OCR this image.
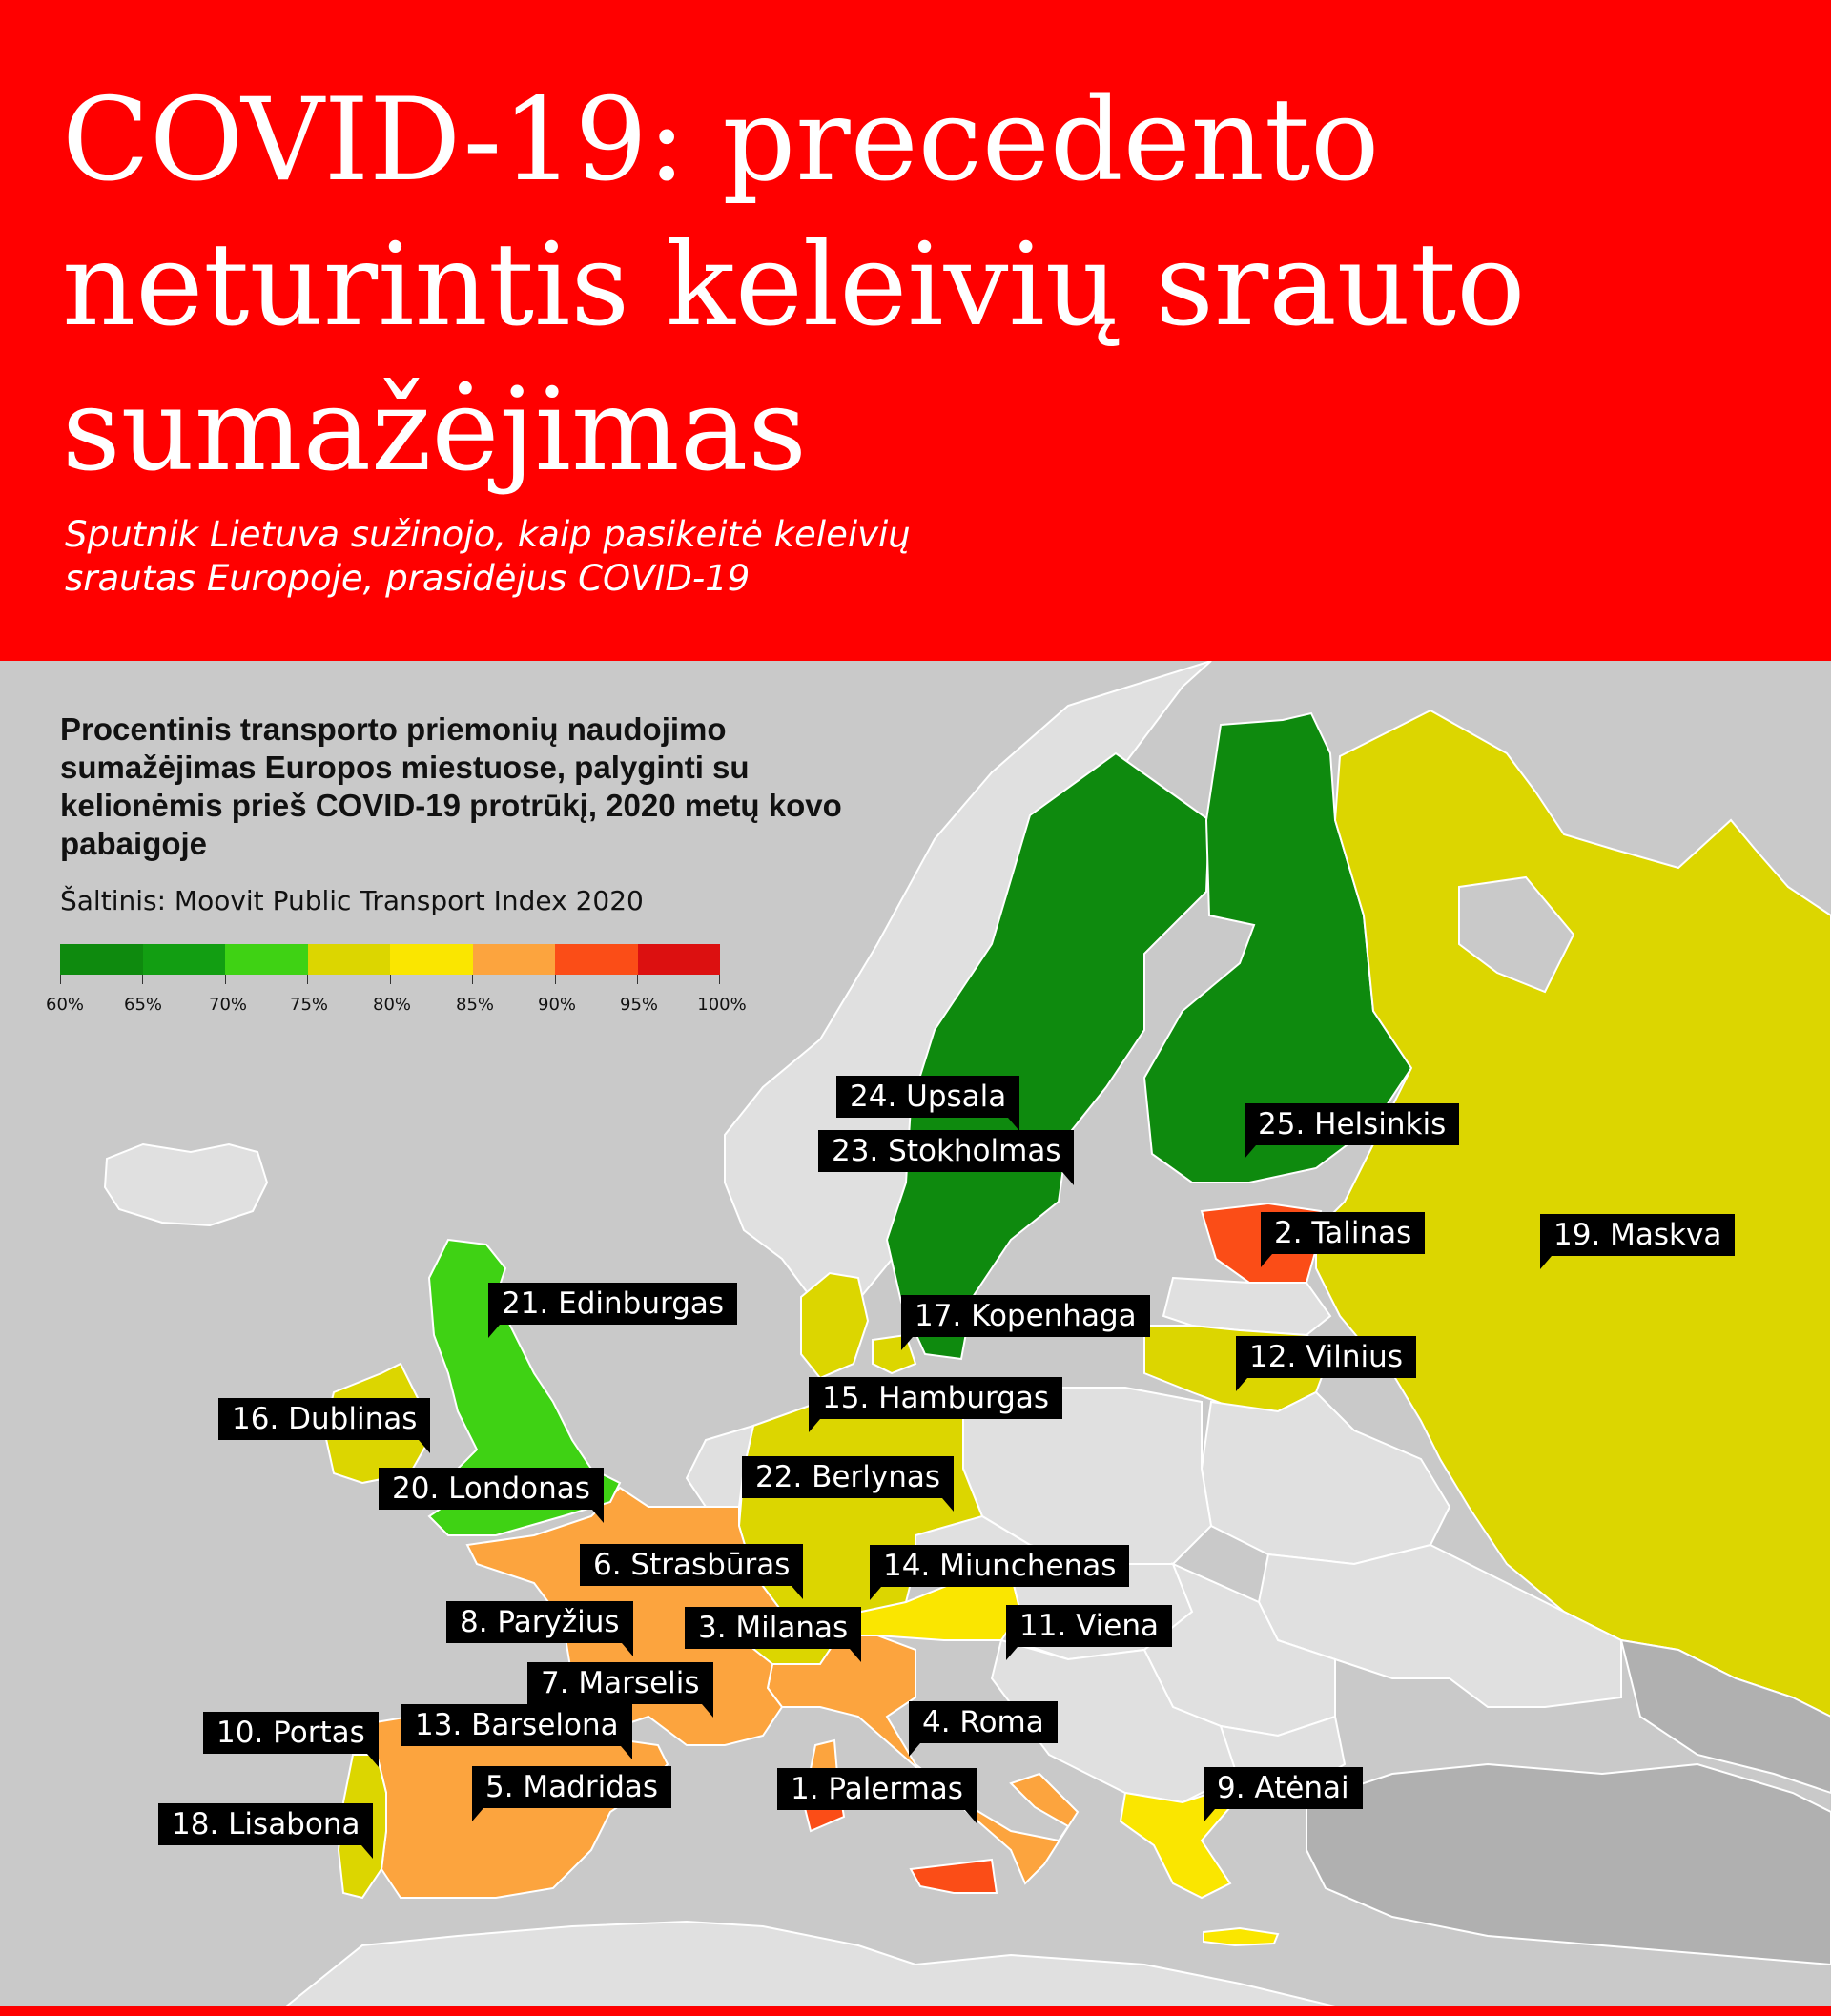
COVID-19: precedento neturintis keleivių srauto sumažėjimas

Sputnik Lietuva sužinojo, kaip pasikeitė keleivių srautas Europoje, prasidėjus COVID-19

Procentinis transporto priemonių naudojimo sumažėjimas Europos miestuose, palyginti su kelionėmis prieš COVID-19 protrūkį, 2020 metų kovo pabaigoje

Šaltinis: Moovit Public Transport Index 2020
60% 65%	70% 75%	80%	85%	90%	95% 100%
24. Upsala
23. Stokholmas
25. Helsinkis
2. Talinas	19. Maskva
21. Edinburgas	17. Kopenhaga
12. Vilnius
15. Hamburgas
16. Dublinas
22. Berlynas
20. Londonas
6. Strasbūras	14. Miunchenas
8. Paryžius	3. Milanas	11. Viena
7. Marselis
10. Portas	13. Barselona	4. Roma
9. Atėnai
5. Madridas	1. Palermas
18. Lisabona
